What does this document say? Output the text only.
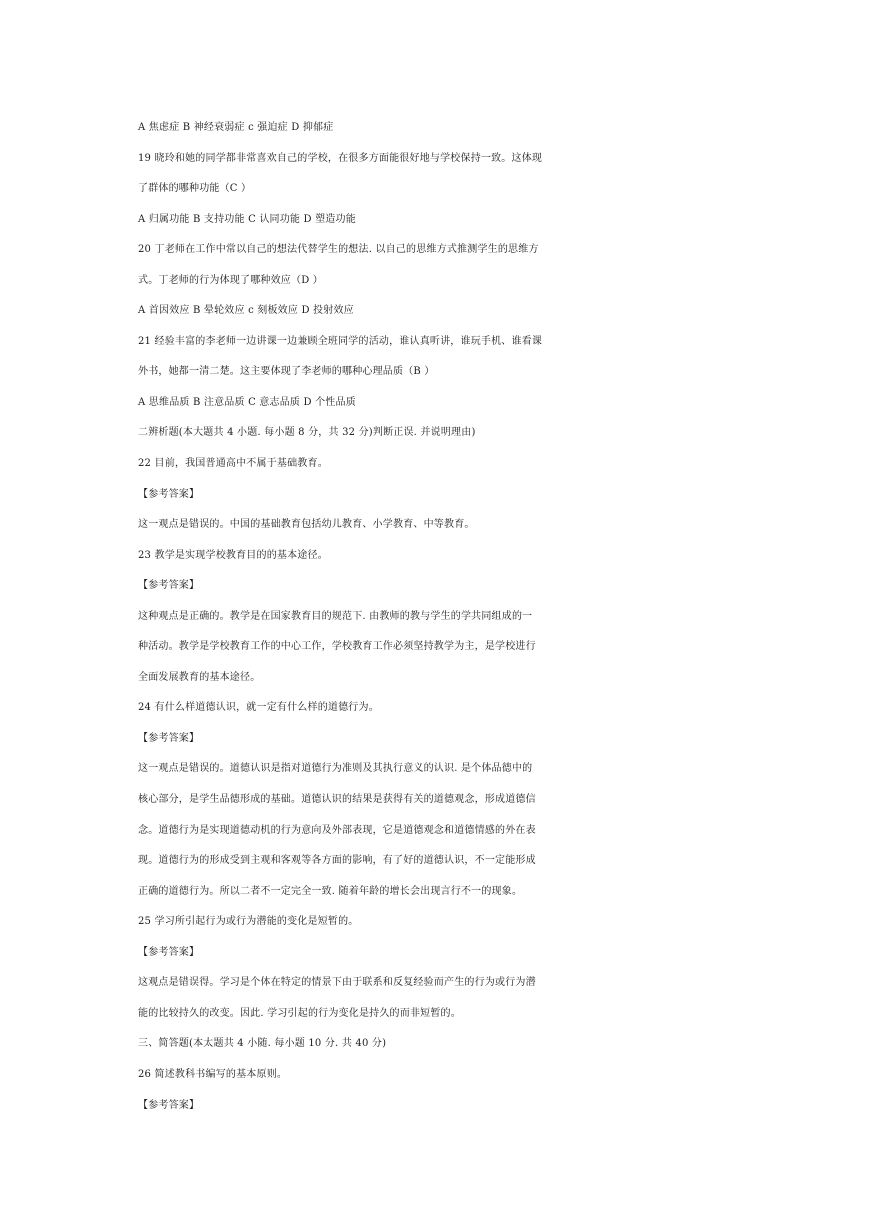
A 焦虑症 B 神经衰弱症 c 强迫症 D 抑郁症
19 晓玲和她的同学都非常喜欢自己的学校，在很多方面能很好地与学校保持一致。这体现
了群体的哪种功能（C ）
A 归属功能 B 支持功能 C 认同功能 D 塑造功能
20 丁老师在工作中常以自己的想法代替学生的想法. 以自己的思维方式推测学生的思维方
式。丁老师的行为体现了哪种效应（D ）
A 首因效应 B 晕轮效应 c 刻板效应 D 投射效应
21 经验丰富的李老师一边讲课一边兼顾全班同学的活动，谁认真听讲，谁玩手机、谁看课
外书，她都一清二楚。这主要体现了李老师的哪种心理品质（B ）
A 思维品质 B 注意品质 C 意志品质 D 个性品质
二辨析题(本大题共 4 小题. 每小题 8 分，共 32 分)判断正误. 并说明理由)
22 目前，我国普通高中不属于基础教育。
【参考答案】
这一观点是错误的。中国的基础教育包括幼儿教育、小学教育、中等教育。
23 教学是实现学校教育目的的基本途径。
【参考答案】
这种观点是正确的。教学是在国家教育目的规范下. 由教师的教与学生的学共同组成的一
种活动。教学是学校教育工作的中心工作，学校教育工作必须坚持教学为主，是学校进行
全面发展教育的基本途径。
24 有什么样道德认识，就一定有什么样的道德行为。
【参考答案】
这一观点是错误的。道德认识是指对道德行为准则及其执行意义的认识. 是个体品德中的
核心部分，是学生品德形成的基础。道德认识的结果是获得有关的道德观念，形成道德信
念。道德行为是实现道德动机的行为意向及外部表现，它是道德观念和道德情感的外在表
现。道德行为的形成受到主观和客观等各方面的影响，有了好的道德认识，不一定能形成
正确的道德行为。所以二者不一定完全一致. 随着年龄的增长会出现言行不一的现象。
25 学习所引起行为或行为潜能的变化是短暂的。
【参考答案】
这观点是错误得。学习是个体在特定的情景下由于联系和反复经验而产生的行为或行为潜
能的比较持久的改变。因此. 学习引起的行为变化是持久的而非短暂的。
三、简答题(本太题共 4 小随. 每小题 10 分. 共 40 分)
26 简述教科书编写的基本原则。
【参考答案】
